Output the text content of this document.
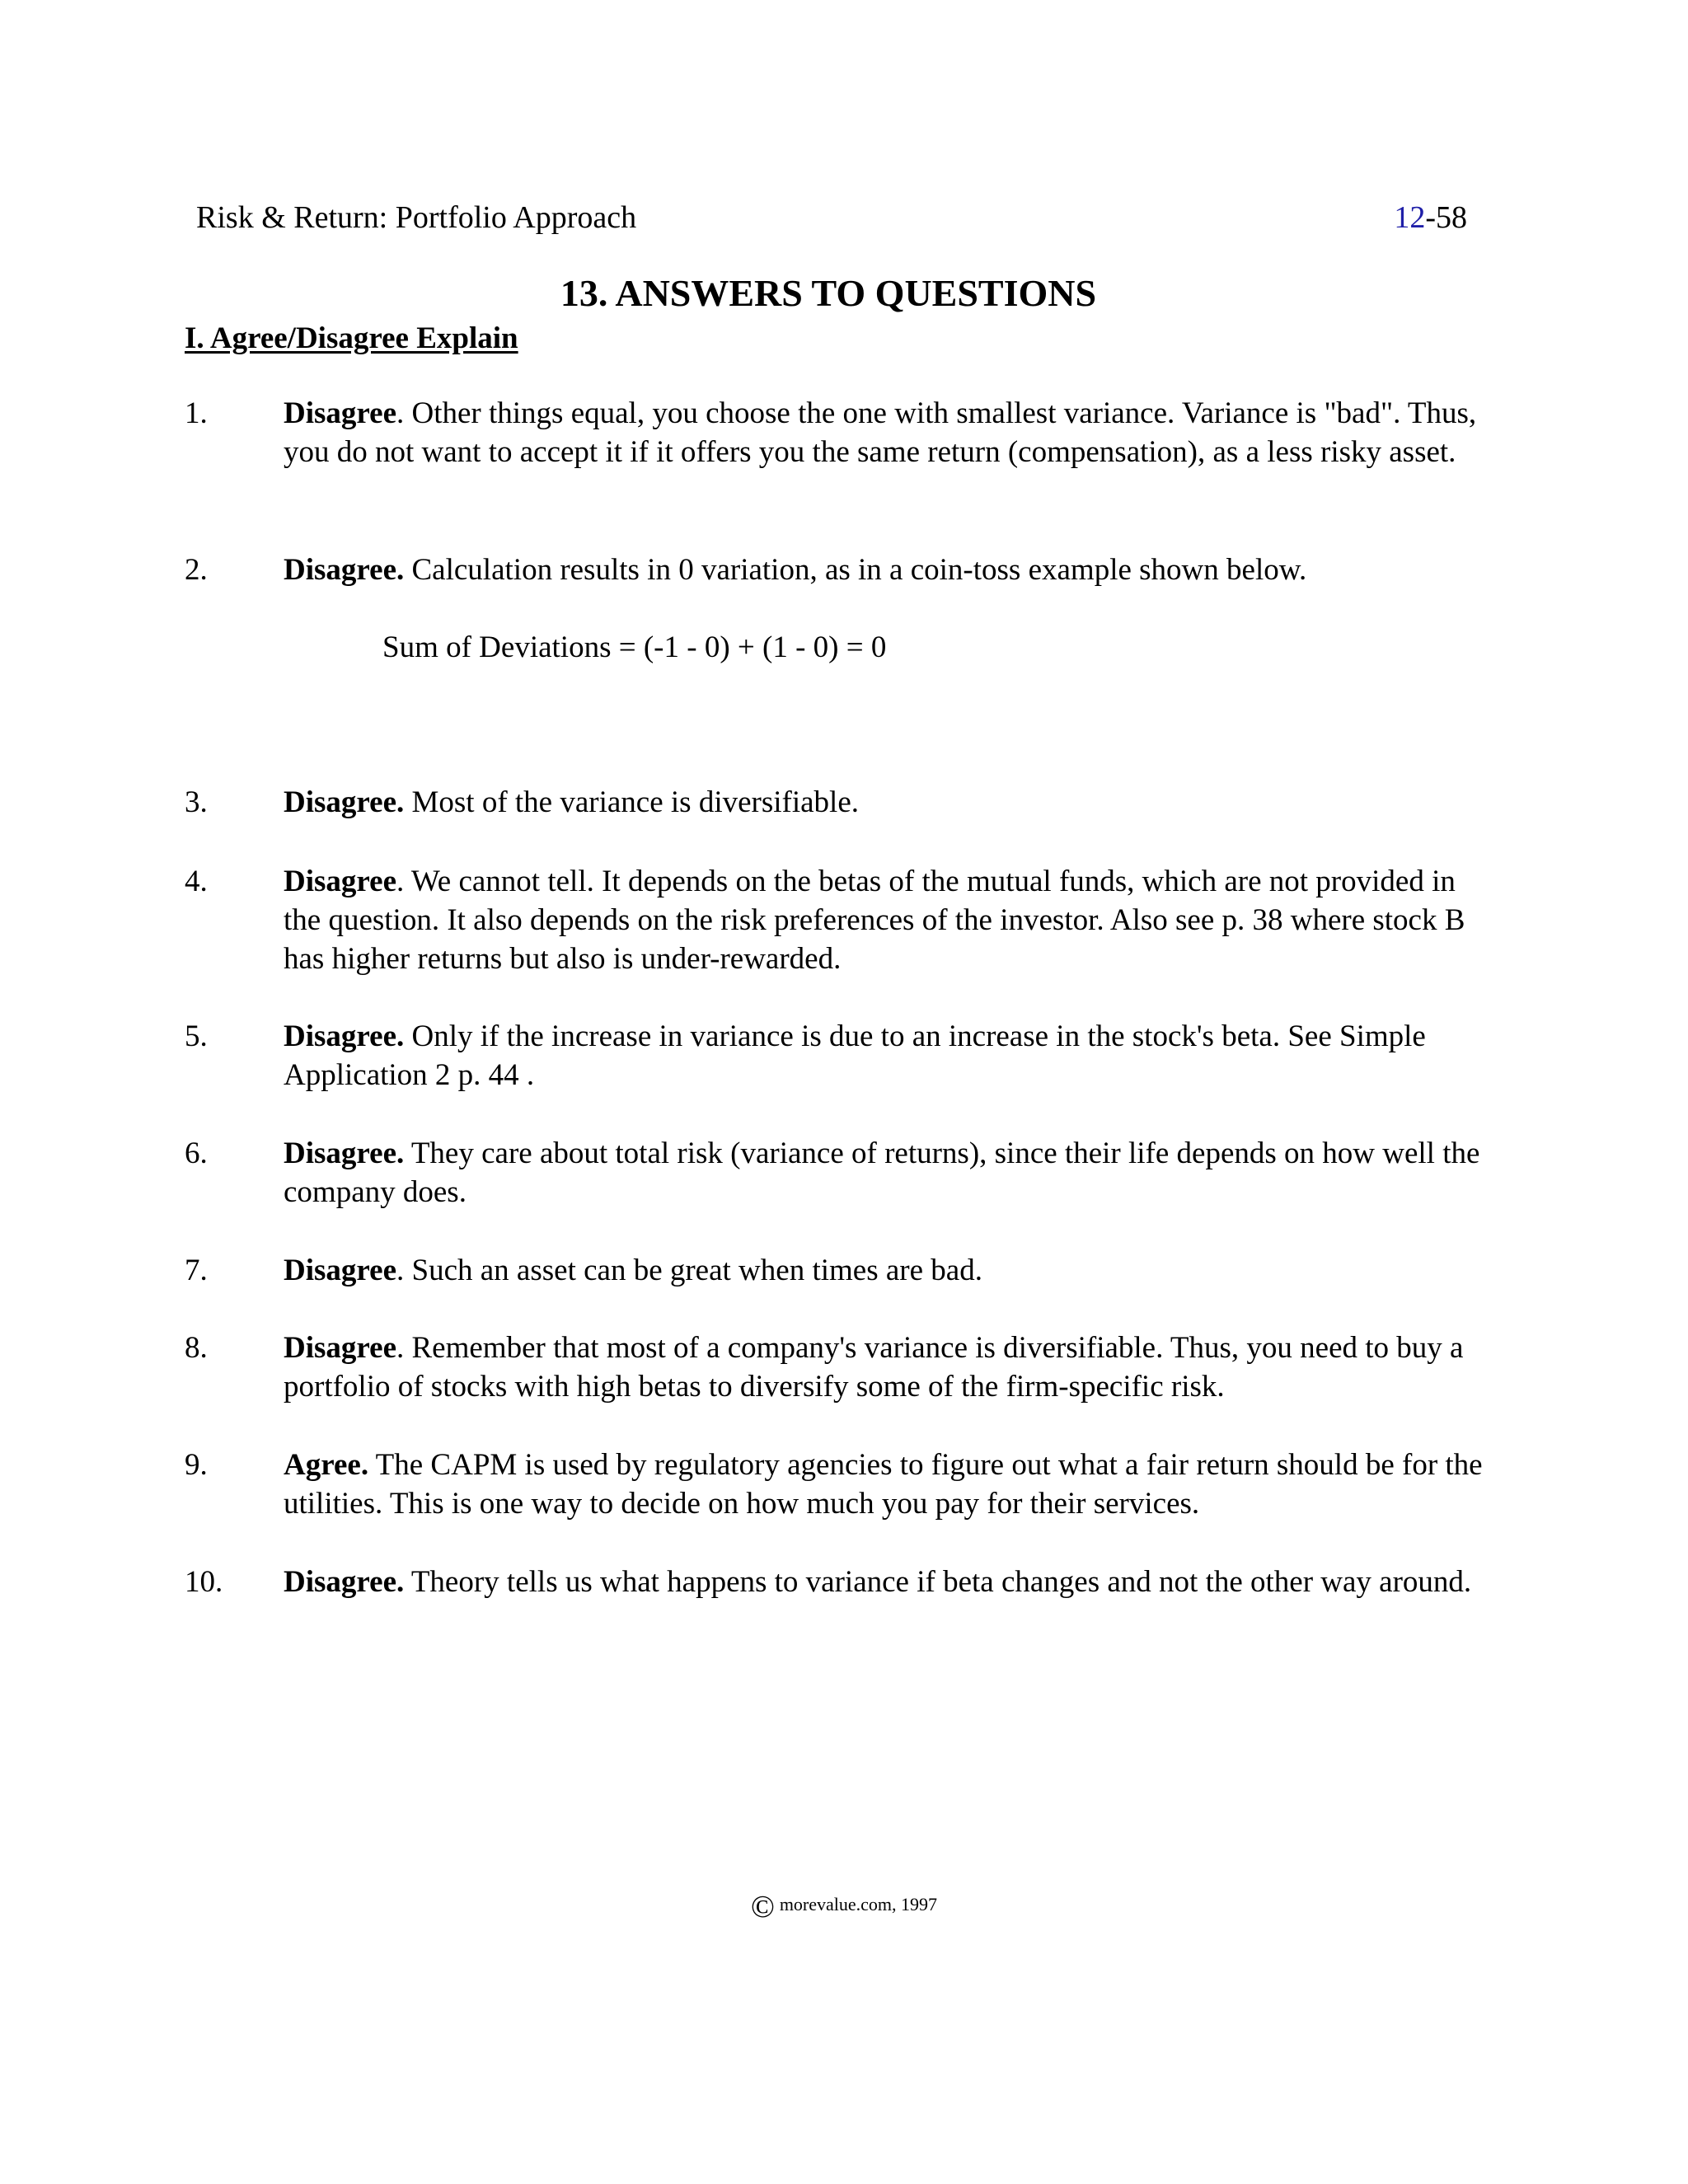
Risk & Return: Portfolio Approach	12-58
13. ANSWERS TO QUESTIONS
I. Agree/Disagree Explain
1. Disagree. Other things equal, you choose the one with smallest variance. Variance is "bad". Thus, you do not want to accept it if it offers you the same return (compensation), as a less risky asset.
2. Disagree. Calculation results in 0 variation, as in a coin-toss example shown below.
Sum of Deviations = (-1 - 0) + (1 - 0) = 0
3. Disagree. Most of the variance is diversifiable.
4. Disagree. We cannot tell. It depends on the betas of the mutual funds, which are not provided in the question. It also depends on the risk preferences of the investor. Also see p. 38 where stock B has higher returns but also is under-rewarded.
5. Disagree. Only if the increase in variance is due to an increase in the stock's beta. See Simple Application 2 p. 44 .
6. Disagree. They care about total risk (variance of returns), since their life depends on how well the company does.
7. Disagree. Such an asset can be great when times are bad.
8. Disagree. Remember that most of a company's variance is diversifiable. Thus, you need to buy a portfolio of stocks with high betas to diversify some of the firm-specific risk.
9. Agree. The CAPM is used by regulatory agencies to figure out what a fair return should be for the utilities. This is one way to decide on how much you pay for their services.
10. Disagree. Theory tells us what happens to variance if beta changes and not the other way around.
© morevalue.com, 1997
